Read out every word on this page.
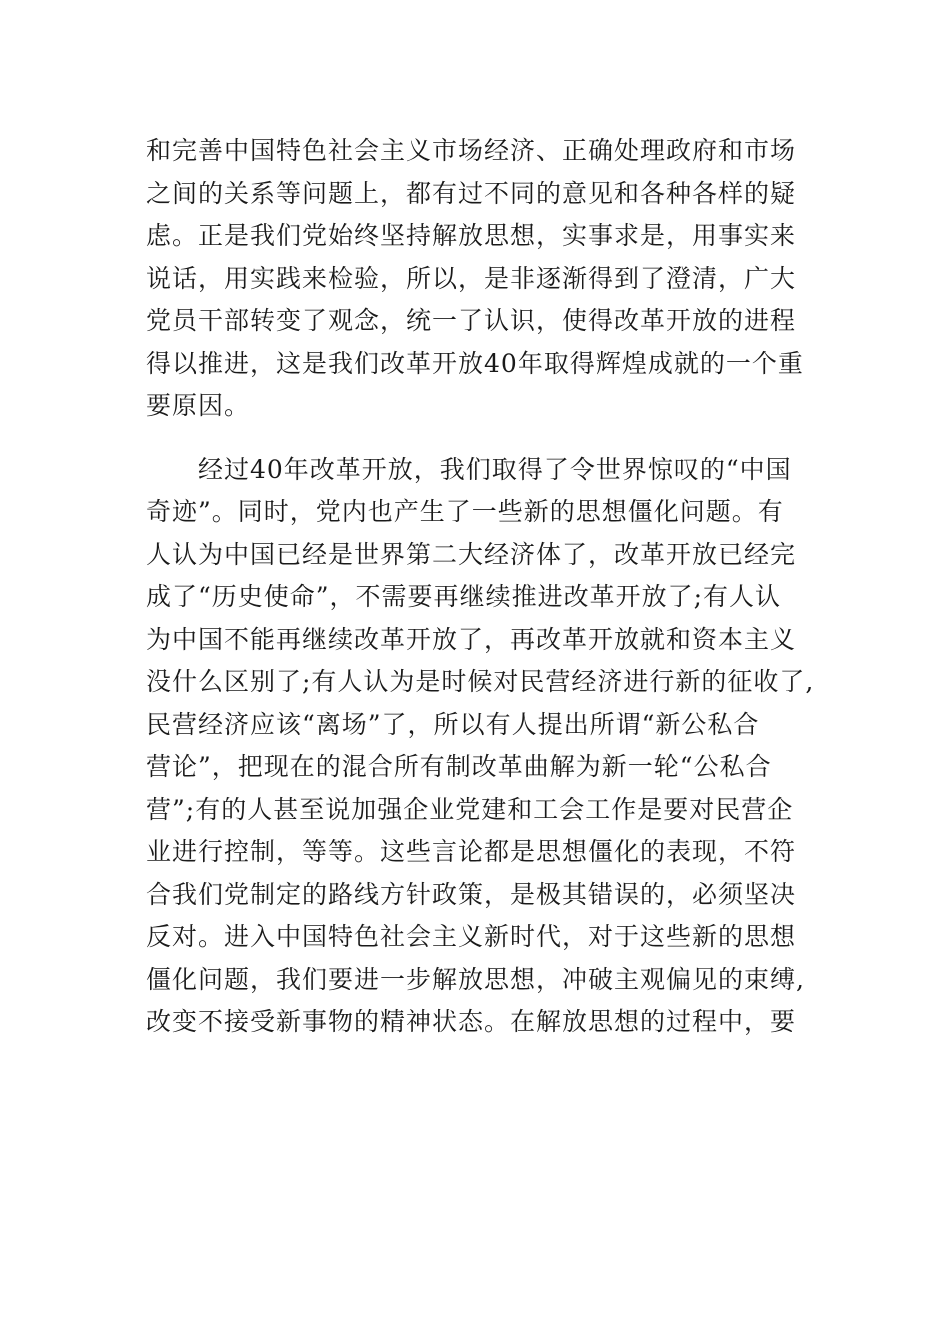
和完善中国特色社会主义市场经济、正确处理政府和市场
之间的关系等问题上，都有过不同的意见和各种各样的疑
虑。正是我们党始终坚持解放思想，实事求是，用事实来
说话，用实践来检验，所以，是非逐渐得到了澄清，广大
党员干部转变了观念，统一了认识，使得改革开放的进程
得以推进，这是我们改革开放40年取得辉煌成就的一个重
要原因。

经过40年改革开放，我们取得了令世界惊叹的“中国
奇迹”。同时，党内也产生了一些新的思想僵化问题。有
人认为中国已经是世界第二大经济体了，改革开放已经完
成了“历史使命”，不需要再继续推进改革开放了;有人认
为中国不能再继续改革开放了，再改革开放就和资本主义
没什么区别了;有人认为是时候对民营经济进行新的征收了,
民营经济应该“离场”了，所以有人提出所谓“新公私合
营论”，把现在的混合所有制改革曲解为新一轮“公私合
营”;有的人甚至说加强企业党建和工会工作是要对民营企
业进行控制，等等。这些言论都是思想僵化的表现，不符
合我们党制定的路线方针政策，是极其错误的，必须坚决
反对。进入中国特色社会主义新时代，对于这些新的思想
僵化问题，我们要进一步解放思想，冲破主观偏见的束缚,
改变不接受新事物的精神状态。在解放思想的过程中，要
